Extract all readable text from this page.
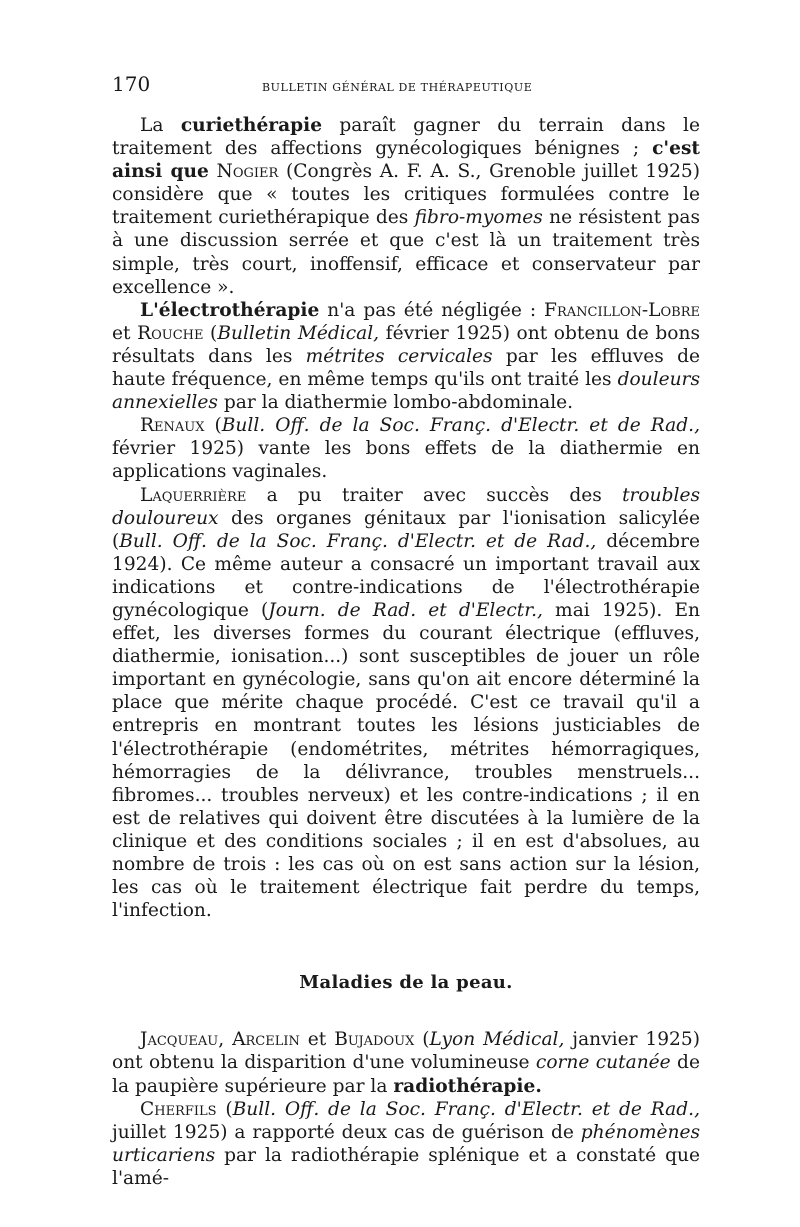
170	BULLETIN GÉNÉRAL DE THÉRAPEUTIQUE

La curiethérapie paraît gagner du terrain dans le traitement des affections gynécologiques bénignes ; c'est ainsi que Nogier (Congrès A. F. A. S., Grenoble juillet 1925) considère que « toutes les critiques formulées contre le traitement curiethérapique des fibro-myomes ne résistent pas à une discussion serrée et que c'est là un traitement très simple, très court, inoffensif, efficace et conservateur par excellence ».

L'électrothérapie n'a pas été négligée : Francillon-Lobre et Rouche (Bulletin Médical, février 1925) ont obtenu de bons résultats dans les métrites cervicales par les effluves de haute fréquence, en même temps qu'ils ont traité les douleurs annexielles par la diathermie lombo-abdominale.

Renaux (Bull. Off. de la Soc. Franç. d'Electr. et de Rad., février 1925) vante les bons effets de la diathermie en applications vaginales.

Laquerrière a pu traiter avec succès des troubles douloureux des organes génitaux par l'ionisation salicylée (Bull. Off. de la Soc. Franç. d'Electr. et de Rad., décembre 1924). Ce même auteur a consacré un important travail aux indications et contre-indications de l'électrothérapie gynécologique (Journ. de Rad. et d'Electr., mai 1925). En effet, les diverses formes du courant électrique (effluves, diathermie, ionisation...) sont susceptibles de jouer un rôle important en gynécologie, sans qu'on ait encore déterminé la place que mérite chaque procédé. C'est ce travail qu'il a entrepris en montrant toutes les lésions justiciables de l'électrothérapie (endométrites, métrites hémorragiques, hémorragies de la délivrance, troubles menstruels... fibromes... troubles nerveux) et les contre-indications ; il en est de relatives qui doivent être discutées à la lumière de la clinique et des conditions sociales ; il en est d'absolues, au nombre de trois : les cas où on est sans action sur la lésion, les cas où le traitement électrique fait perdre du temps, l'infection.

Maladies de la peau.

Jacqueau, Arcelin et Bujadoux (Lyon Médical, janvier 1925) ont obtenu la disparition d'une volumineuse corne cutanée de la paupière supérieure par la radiothérapie.

Cherfils (Bull. Off. de la Soc. Franç. d'Electr. et de Rad., juillet 1925) a rapporté deux cas de guérison de phénomènes urticariens par la radiothérapie splénique et a constaté que l'amé-
